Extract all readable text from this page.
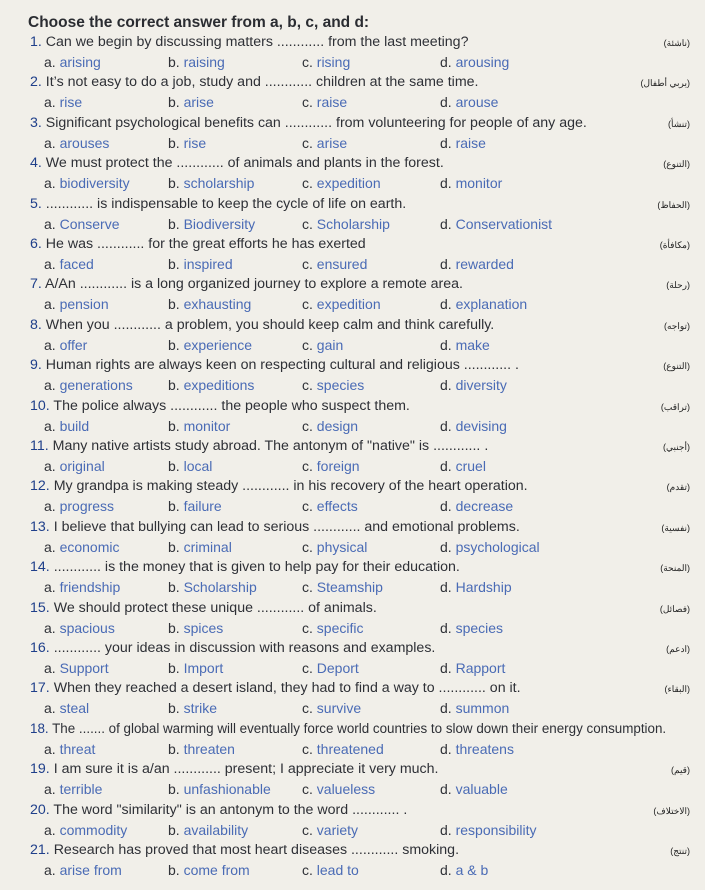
Choose the correct answer from a, b, c, and d:
1. Can we begin by discussing matters ............ from the last meeting?	(ناشئة)
a. arising	b. raising	c. rising	d. arousing
2. It’s not easy to do a job, study and ............ children at the same time.	(يربي أطفال)
a. rise	b. arise	c. raise	d. arouse
3. Significant psychological benefits can ............ from volunteering for people of any age.	(تنشأ)
a. arouses	b. rise	c. arise	d. raise
4. We must protect the ............ of animals and plants in the forest.	(التنوع)
a. biodiversity	b. scholarship	c. expedition	d. monitor
5. ............ is indispensable to keep the cycle of life on earth.	(الحفاظ)
a. Conserve	b. Biodiversity	c. Scholarship	d. Conservationist
6. He was ............ for the great efforts he has exerted	(مكافأة)
a. faced	b. inspired	c. ensured	d. rewarded
7. A/An ............ is a long organized journey to explore a remote area.	(رحلة)
a. pension	b. exhausting	c. expedition	d. explanation
8. When you ............ a problem, you should keep calm and think carefully.	(تواجه)
a. offer	b. experience	c. gain	d. make
9. Human rights are always keen on respecting cultural and religious ............ .	(التنوع)
a. generations	b. expeditions	c. species	d. diversity
10. The police always ............ the people who suspect them.	(تراقب)
a. build	b. monitor	c. design	d. devising
11. Many native artists study abroad. The antonym of "native" is ............ .	(أجنبي)
a. original	b. local	c. foreign	d. cruel
12. My grandpa is making steady ............ in his recovery of the heart operation.	(تقدم)
a. progress	b. failure	c. effects	d. decrease
13. I believe that bullying can lead to serious ............ and emotional problems.	(نفسية)
a. economic	b. criminal	c. physical	d. psychological
14. ............ is the money that is given to help pay for their education.	(المنحة)
a. friendship	b. Scholarship	c. Steamship	d. Hardship
15. We should protect these unique ............ of animals.	(فصائل)
a. spacious	b. spices	c. specific	d. species
16. ............ your ideas in discussion with reasons and examples.	(ادعم)
a. Support	b. Import	c. Deport	d. Rapport
17. When they reached a desert island, they had to find a way to ............ on it.	(البقاء)
a. steal	b. strike	c. survive	d. summon
18. The ....... of global warming will eventually force world countries to slow down their energy consumption.
a. threat	b. threaten	c. threatened	d. threatens
19. I am sure it is a/an ............ present; I appreciate it very much.	(قيم)
a. terrible	b. unfashionable c. valueless	d. valuable
20. The word "similarity" is an antonym to the word ............ .	(الاختلاف)
a. commodity	b. availability	c. variety	d. responsibility
21. Research has proved that most heart diseases ............ smoking.	(تنتج)
a. arise from	b. come from	c. lead to	d. a & b
